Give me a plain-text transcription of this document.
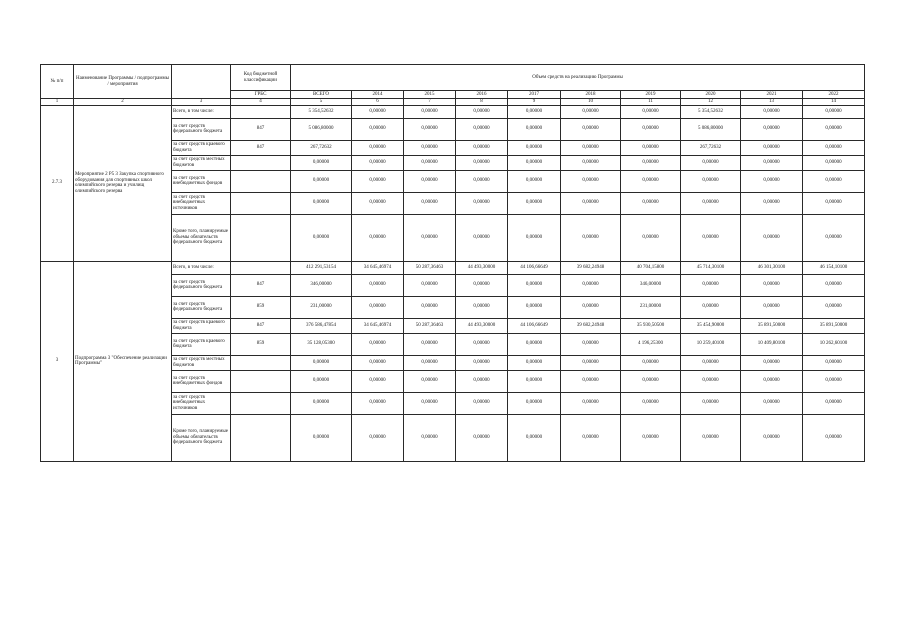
№ п/п	Наименование Программы / подпрограммы / мероприятия		Код бюджетной классификации	Объем средств на реализацию Программы									
			ГРБС	ВСЕГО	2014	2015	2016	2017	2018	2019	2020	2021	2022
1	2	3	4	5	6	7	8	9	10	11	12	13	14
2.7.3	Мероприятие 2 Р5 3 Закупка спортивного оборудования для спортивных школ олимпийского резерва и училищ олимпийского резерва	Всего, в том числе:		5 354,52632	0,00000	0,00000	0,00000	0,00000	0,00000	0,00000	5 354,52632	0,00000	0,00000
		за счет средств федерального бюджета	847	5 086,80000	0,00000	0,00000	0,00000	0,00000	0,00000	0,00000	5 086,80000	0,00000	0,00000
		за счет средств краевого бюджета	847	267,72632	0,00000	0,00000	0,00000	0,00000	0,00000	0,00000	267,72632	0,00000	0,00000
		за счет средств местных бюджетов		0,00000	0,00000	0,00000	0,00000	0,00000	0,00000	0,00000	0,00000	0,00000	0,00000
		за счет средств внебюджетных фондов		0,00000	0,00000	0,00000	0,00000	0,00000	0,00000	0,00000	0,00000	0,00000	0,00000
		за счет средств внебюджетных источников		0,00000	0,00000	0,00000	0,00000	0,00000	0,00000	0,00000	0,00000	0,00000	0,00000
		Кроме того, планируемые объемы обязательств федерального бюджета		0,00000	0,00000	0,00000	0,00000	0,00000	0,00000	0,00000	0,00000	0,00000	0,00000
3	Подпрограмма 3 "Обеспечение реализации Программы"	Всего, в том числе:		412 291,53154	34 645,46974	50 287,36463	44 493,30000	44 106,66649	39 682,24948	40 704,15800	45 714,30100	46 301,30100	46 154,10100
		за счет средств федерального бюджета	847	346,00000	0,00000	0,00000	0,00000	0,00000	0,00000	346,00000	0,00000	0,00000	0,00000
		за счет средств федерального бюджета	859	231,00000	0,00000	0,00000	0,00000	0,00000	0,00000	231,00000	0,00000	0,00000	0,00000
		за счет средств краевого бюджета	847	376 586,47854	34 645,46974	50 287,36463	44 493,30000	44 106,66649	39 682,24948	35 930,50500	35 454,90000	35 891,50000	35 891,50000
		за счет средств краевого бюджета	859	35 128,05300	0,00000	0,00000	0,00000	0,00000	0,00000	4 196,25300	10 259,40100	10 409,80100	10 262,60100
		за счет средств местных бюджетов		0,00000	0,00000	0,00000	0,00000	0,00000	0,00000	0,00000	0,00000	0,00000	0,00000
		за счет средств внебюджетных фондов		0,00000	0,00000	0,00000	0,00000	0,00000	0,00000	0,00000	0,00000	0,00000	0,00000
		за счет средств внебюджетных источников		0,00000	0,00000	0,00000	0,00000	0,00000	0,00000	0,00000	0,00000	0,00000	0,00000
		Кроме того, планируемые объемы обязательств федерального бюджета		0,00000	0,00000	0,00000	0,00000	0,00000	0,00000	0,00000	0,00000	0,00000	0,00000
